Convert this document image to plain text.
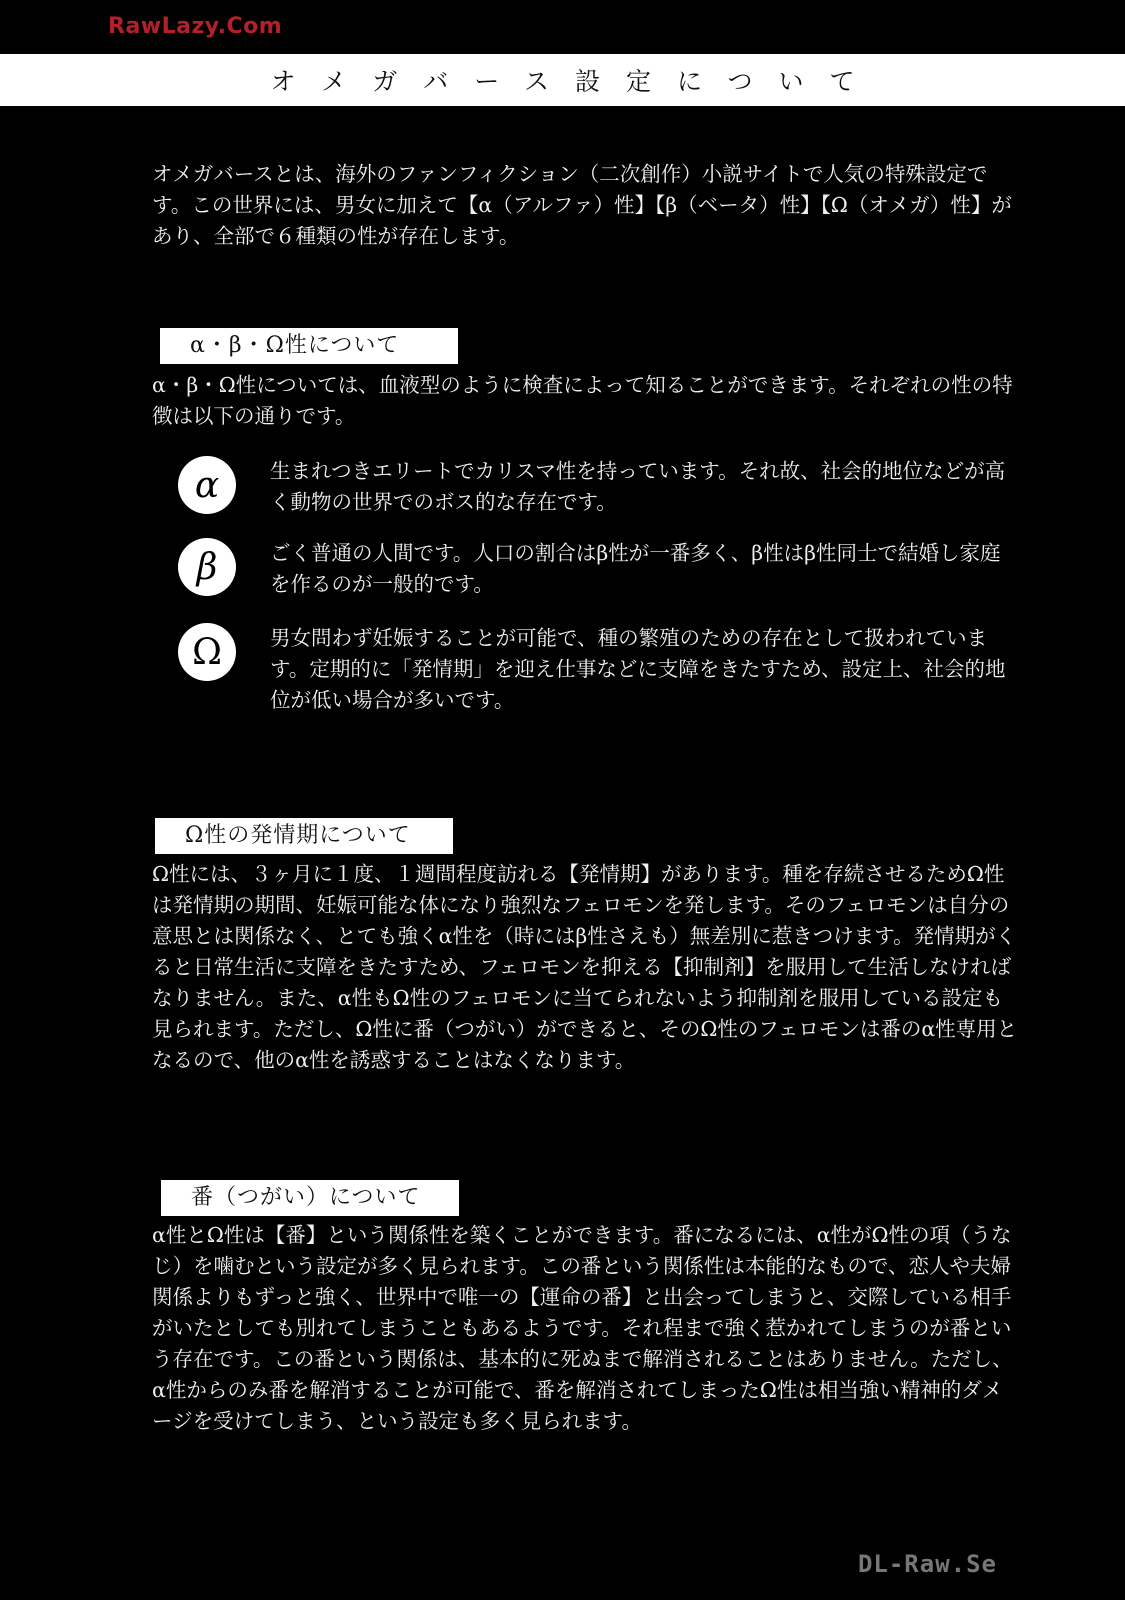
RawLazy.Com
オメガバース設定について

オメガバースとは、海外のファンフィクション（二次創作）小説サイトで人気の特殊設定です。この世界には、男女に加えて【α（アルファ）性】【β（ベータ）性】【Ω（オメガ）性】があり、全部で６種類の性が存在します。

α・β・Ω性について

α・β・Ω性については、血液型のように検査によって知ることができます。それぞれの性の特徴は以下の通りです。

α	生まれつきエリートでカリスマ性を持っています。それ故、社会的地位などが高く動物の世界でのボス的な存在です。

β	ごく普通の人間です。人口の割合はβ性が一番多く、β性はβ性同士で結婚し家庭を作るのが一般的です。

Ω	男女問わず妊娠することが可能で、種の繁殖のための存在として扱われています。定期的に「発情期」を迎え仕事などに支障をきたすため、設定上、社会的地位が低い場合が多いです。

Ω性の発情期について

Ω性には、３ヶ月に１度、１週間程度訪れる【発情期】があります。種を存続させるためΩ性は発情期の期間、妊娠可能な体になり強烈なフェロモンを発します。そのフェロモンは自分の意思とは関係なく、とても強くα性を（時にはβ性さえも）無差別に惹きつけます。発情期がくると日常生活に支障をきたすため、フェロモンを抑える【抑制剤】を服用して生活しなければなりません。また、α性もΩ性のフェロモンに当てられないよう抑制剤を服用している設定も見られます。ただし、Ω性に番（つがい）ができると、そのΩ性のフェロモンは番のα性専用となるので、他のα性を誘惑することはなくなります。

番（つがい）について

α性とΩ性は【番】という関係性を築くことができます。番になるには、α性がΩ性の項（うなじ）を噛むという設定が多く見られます。この番という関係性は本能的なもので、恋人や夫婦関係よりもずっと強く、世界中で唯一の【運命の番】と出会ってしまうと、交際している相手がいたとしても別れてしまうこともあるようです。それ程まで強く惹かれてしまうのが番という存在です。この番という関係は、基本的に死ぬまで解消されることはありません。ただし、α性からのみ番を解消することが可能で、番を解消されてしまったΩ性は相当強い精神的ダメージを受けてしまう、という設定も多く見られます。

DL-Raw.Se
